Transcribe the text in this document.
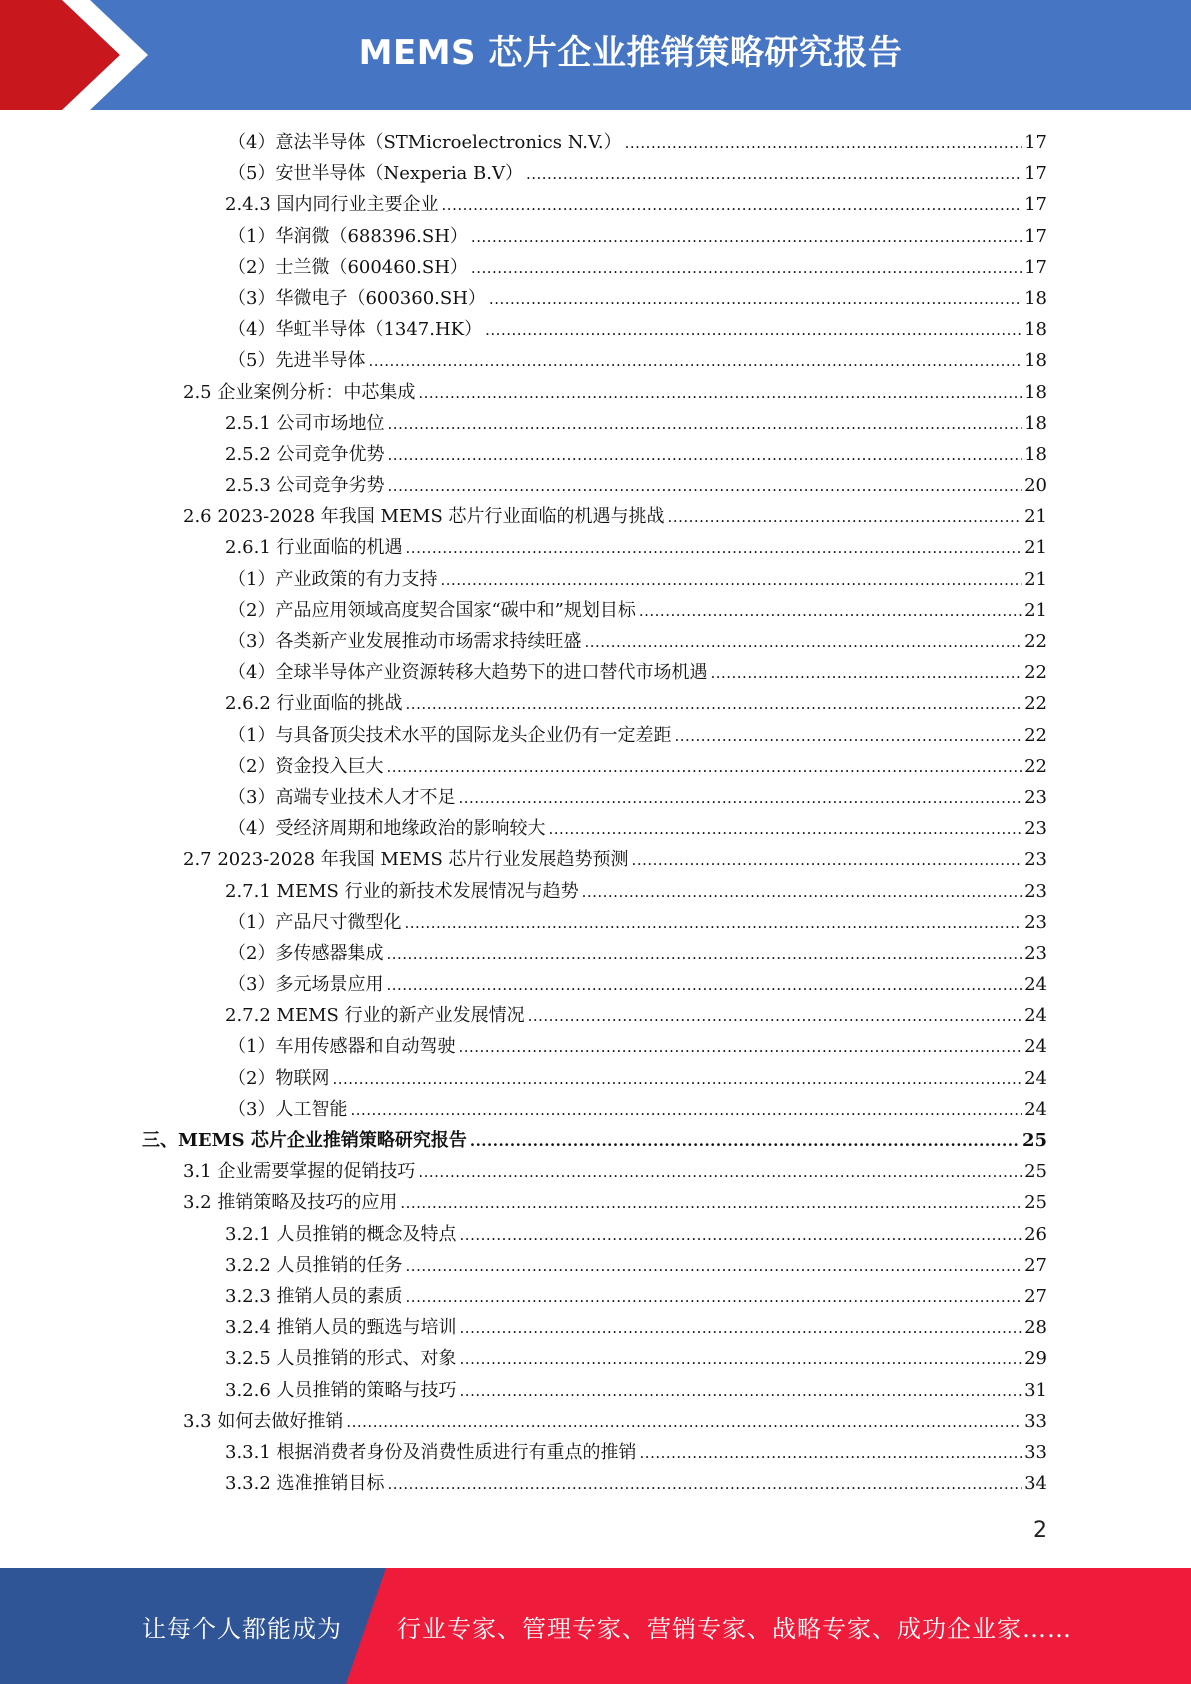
MEMS 芯片企业推销策略研究报告
（4）意法半导体（STMicroelectronics N.V.） .....	17
（5）安世半导体（Nexperia B.V） .....	17
2.4.3 国内同行业主要企业 .....	17
（1）华润微（688396.SH） .....	17
（2）士兰微（600460.SH） .....	17
（3）华微电子（600360.SH） .....	18
（4）华虹半导体（1347.HK） .....	18
（5）先进半导体 .....	18
2.5 企业案例分析：中芯集成 .....	18
2.5.1 公司市场地位 .....	18
2.5.2 公司竞争优势 .....	18
2.5.3 公司竞争劣势 .....	20
2.6 2023-2028 年我国 MEMS 芯片行业面临的机遇与挑战 .....	21
2.6.1 行业面临的机遇 .....	21
（1）产业政策的有力支持 .....	21
（2）产品应用领域高度契合国家“碳中和”规划目标 .....	21
（3）各类新产业发展推动市场需求持续旺盛 .....	22
（4）全球半导体产业资源转移大趋势下的进口替代市场机遇 .....	22
2.6.2 行业面临的挑战 .....	22
（1）与具备顶尖技术水平的国际龙头企业仍有一定差距 .....	22
（2）资金投入巨大 .....	22
（3）高端专业技术人才不足 .....	23
（4）受经济周期和地缘政治的影响较大 .....	23
2.7 2023-2028 年我国 MEMS 芯片行业发展趋势预测 .....	23
2.7.1 MEMS 行业的新技术发展情况与趋势 .....	23
（1）产品尺寸微型化 .....	23
（2）多传感器集成 .....	23
（3）多元场景应用 .....	24
2.7.2 MEMS 行业的新产业发展情况 .....	24
（1）车用传感器和自动驾驶 .....	24
（2）物联网 .....	24
（3）人工智能 .....	24
三、MEMS 芯片企业推销策略研究报告 .....	25
3.1 企业需要掌握的促销技巧 .....	25
3.2 推销策略及技巧的应用 .....	25
3.2.1 人员推销的概念及特点 .....	26
3.2.2 人员推销的任务 .....	27
3.2.3 推销人员的素质 .....	27
3.2.4 推销人员的甄选与培训 .....	28
3.2.5 人员推销的形式、对象 .....	29
3.2.6 人员推销的策略与技巧 .....	31
3.3 如何去做好推销 .....	33
3.3.1 根据消费者身份及消费性质进行有重点的推销 .....	33
3.3.2 选准推销目标 .....	34
2
让每个人都能成为 行业专家、管理专家、营销专家、战略专家、成功企业家……
